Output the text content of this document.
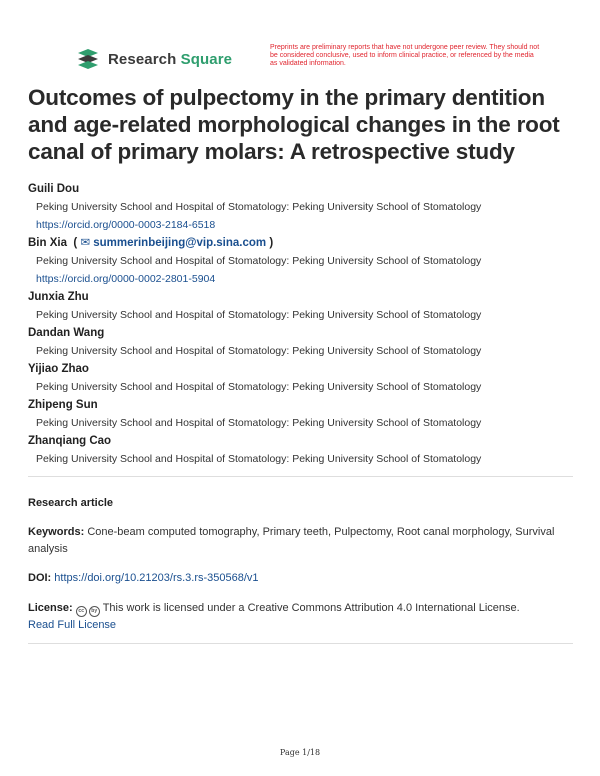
Research Square
Preprints are preliminary reports that have not undergone peer review. They should not be considered conclusive, used to inform clinical practice, or referenced by the media as validated information.
Outcomes of pulpectomy in the primary dentition and age-related morphological changes in the root canal of primary molars: A retrospective study
Guili Dou
Peking University School and Hospital of Stomatology: Peking University School of Stomatology
https://orcid.org/0000-0003-2184-6518
Bin Xia  ( ✉ summerinbeijing@vip.sina.com )
Peking University School and Hospital of Stomatology: Peking University School of Stomatology
https://orcid.org/0000-0002-2801-5904
Junxia Zhu
Peking University School and Hospital of Stomatology: Peking University School of Stomatology
Dandan Wang
Peking University School and Hospital of Stomatology: Peking University School of Stomatology
Yijiao Zhao
Peking University School and Hospital of Stomatology: Peking University School of Stomatology
Zhipeng Sun
Peking University School and Hospital of Stomatology: Peking University School of Stomatology
Zhanqiang Cao
Peking University School and Hospital of Stomatology: Peking University School of Stomatology
Research article
Keywords: Cone-beam computed tomography, Primary teeth, Pulpectomy, Root canal morphology, Survival analysis
DOI: https://doi.org/10.21203/rs.3.rs-350568/v1
License:	cc	by This work is licensed under a Creative Commons Attribution 4.0 International License.
Read Full License
Page 1/18
